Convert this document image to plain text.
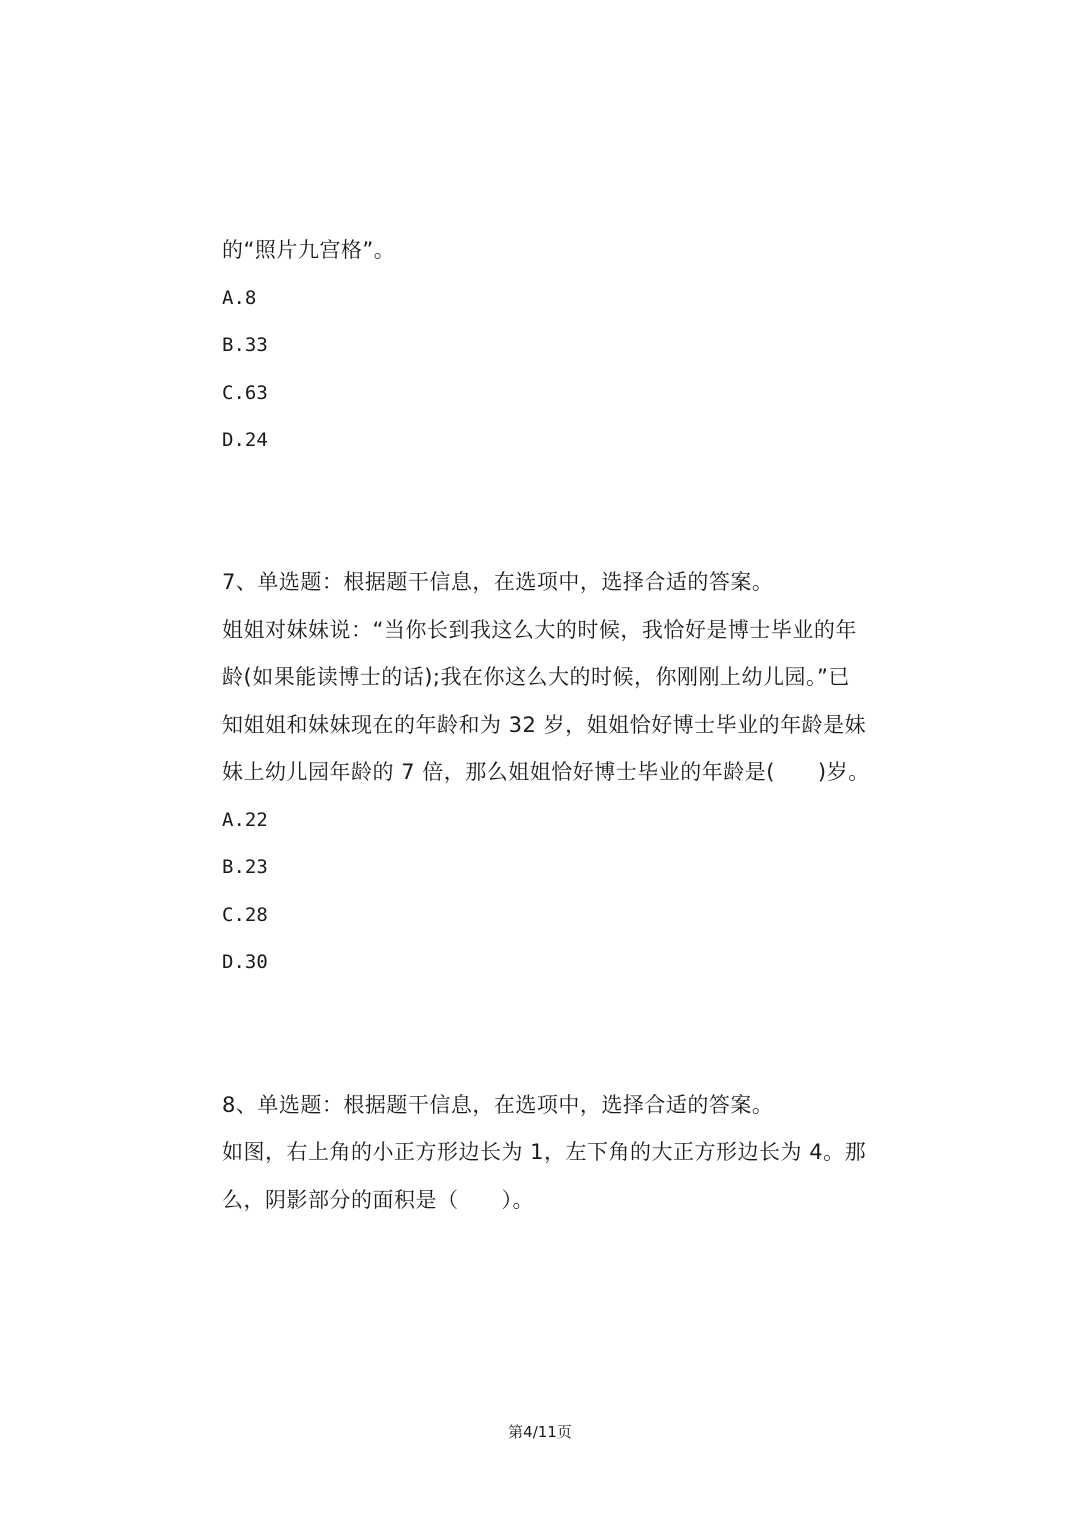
的“照片九宫格”。
A.8
B.33
C.63
D.24
7、单选题：根据题干信息，在选项中，选择合适的答案。
姐姐对妹妹说：“当你长到我这么大的时候，我恰好是博士毕业的年
龄(如果能读博士的话);我在你这么大的时候，你刚刚上幼儿园。”已
知姐姐和妹妹现在的年龄和为 32 岁，姐姐恰好博士毕业的年龄是妹
妹上幼儿园年龄的 7 倍，那么姐姐恰好博士毕业的年龄是(　　)岁。
A.22
B.23
C.28
D.30
8、单选题：根据题干信息，在选项中，选择合适的答案。
如图，右上角的小正方形边长为 1，左下角的大正方形边长为 4。那
么，阴影部分的面积是（　　）。
第4/11页
